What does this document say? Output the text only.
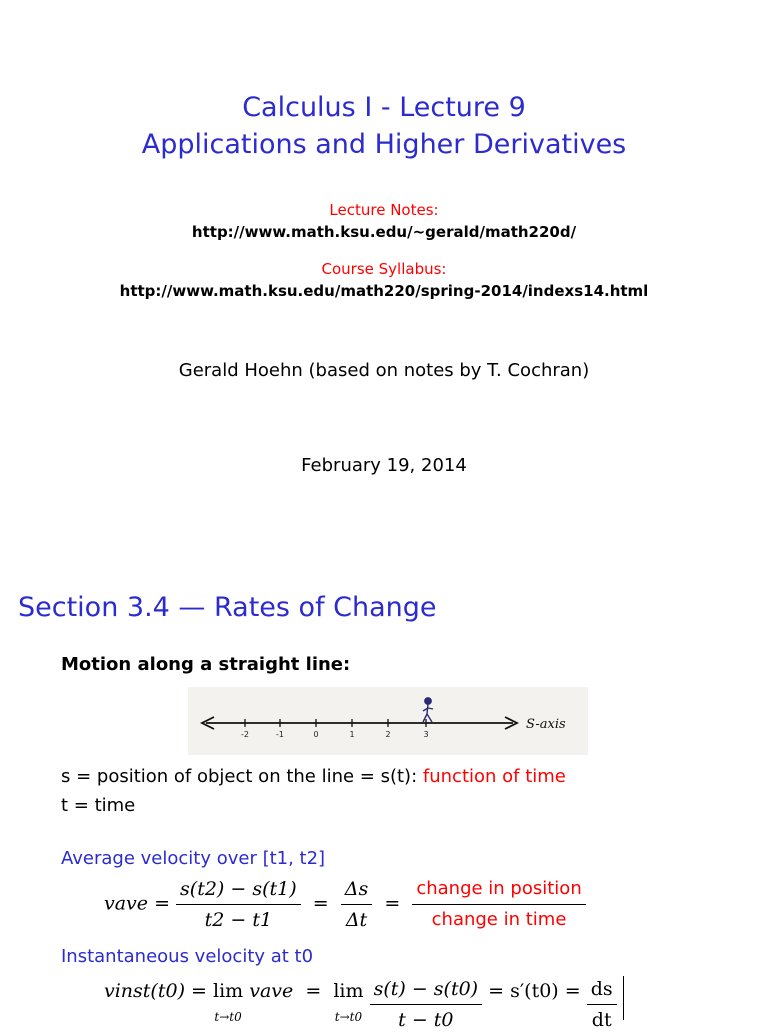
Calculus I - Lecture 9
Applications and Higher Derivatives
Lecture Notes:
http://www.math.ksu.edu/~gerald/math220d/
Course Syllabus:
http://www.math.ksu.edu/math220/spring-2014/indexs14.html
Gerald Hoehn (based on notes by T. Cochran)
February 19, 2014
Section 3.4 — Rates of Change
Motion along a straight line:
-2	-1	0	1	2	3
S-axis
s = position of object on the line = s(t): function of time
t = time
Average velocity over [t1, t2]
vave = $\frac{s(t2) - s(t1)}{t2 - t1} = \frac{\Delta s}{\Delta t} = \frac{\text{change in position}}{\text{change in time}}$
Instantaneous velocity at t0
vinst(t0) = lim
t→t0
vave  = lim
t→t0
$\frac{s(t) - s(t0)}{t - t0} = s'(t0) = \frac{ds}{dt}$
